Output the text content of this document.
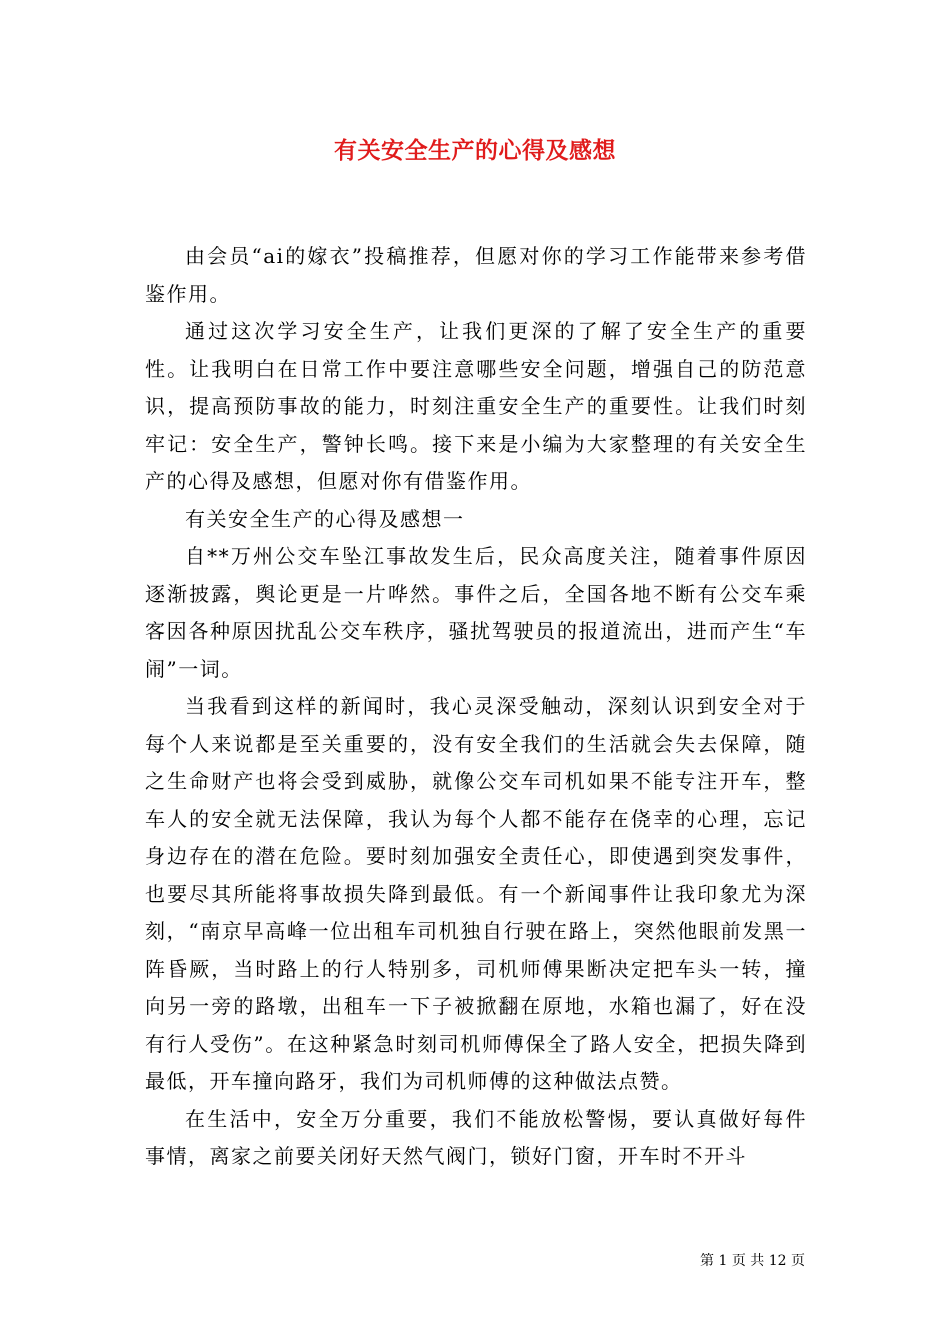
有关安全生产的心得及感想

由会员“ai的嫁衣”投稿推荐，但愿对你的学习工作能带来参考借鉴作用。

通过这次学习安全生产，让我们更深的了解了安全生产的重要性。让我明白在日常工作中要注意哪些安全问题，增强自己的防范意识，提高预防事故的能力，时刻注重安全生产的重要性。让我们时刻牢记：安全生产，警钟长鸣。接下来是小编为大家整理的有关安全生产的心得及感想，但愿对你有借鉴作用。

有关安全生产的心得及感想一

自**万州公交车坠江事故发生后，民众高度关注，随着事件原因逐渐披露，舆论更是一片哗然。事件之后，全国各地不断有公交车乘客因各种原因扰乱公交车秩序，骚扰驾驶员的报道流出，进而产生“车闹”一词。

当我看到这样的新闻时，我心灵深受触动，深刻认识到安全对于每个人来说都是至关重要的，没有安全我们的生活就会失去保障，随之生命财产也将会受到威胁，就像公交车司机如果不能专注开车，整车人的安全就无法保障，我认为每个人都不能存在侥幸的心理，忘记身边存在的潜在危险。要时刻加强安全责任心，即使遇到突发事件，也要尽其所能将事故损失降到最低。有一个新闻事件让我印象尤为深刻，“南京早高峰一位出租车司机独自行驶在路上，突然他眼前发黑一阵昏厥，当时路上的行人特别多，司机师傅果断决定把车头一转，撞向另一旁的路墩，出租车一下子被掀翻在原地，水箱也漏了，好在没有行人受伤”。在这种紧急时刻司机师傅保全了路人安全，把损失降到最低，开车撞向路牙，我们为司机师傅的这种做法点赞。

在生活中，安全万分重要，我们不能放松警惕，要认真做好每件事情，离家之前要关闭好天然气阀门，锁好门窗，开车时不开斗

第 1 页 共 12 页
